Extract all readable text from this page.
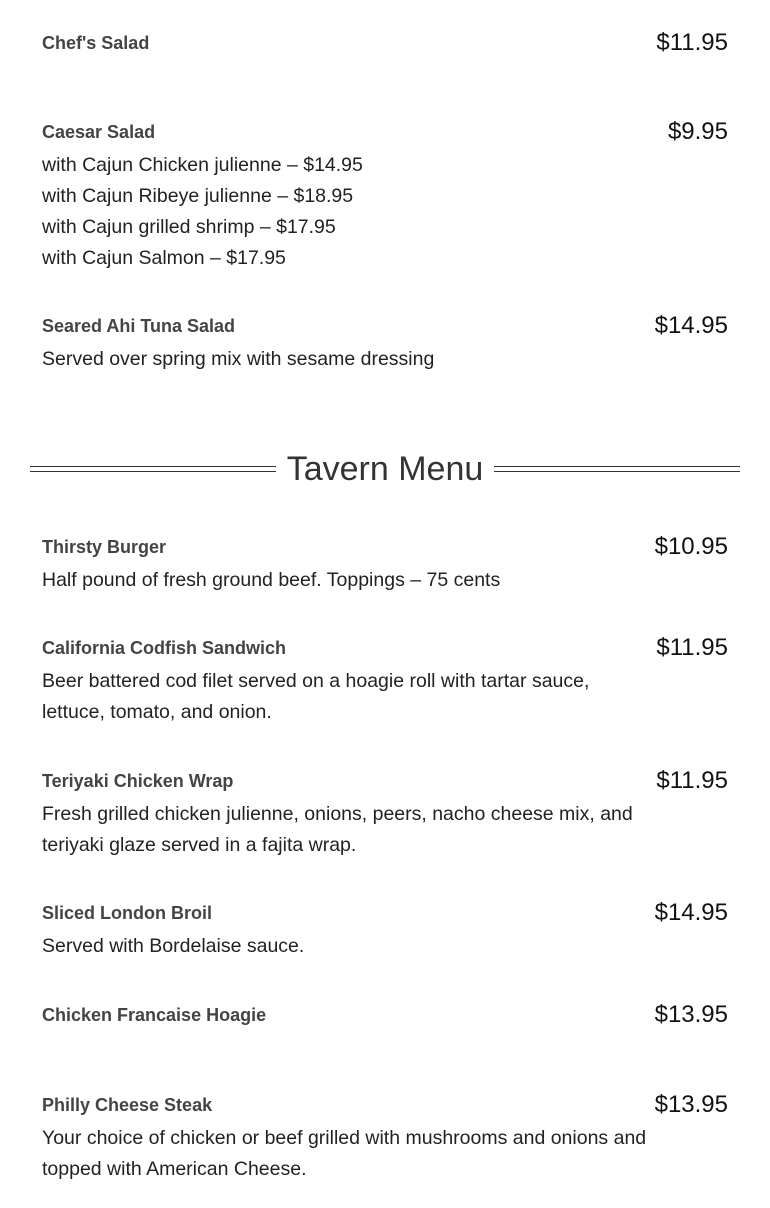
Chef's Salad	$11.95
Caesar Salad	$9.95
with Cajun Chicken julienne – $14.95
with Cajun Ribeye julienne – $18.95
with Cajun grilled shrimp – $17.95
with Cajun Salmon – $17.95
Seared Ahi Tuna Salad	$14.95
Served over spring mix with sesame dressing
Tavern Menu
Thirsty Burger	$10.95
Half pound of fresh ground beef. Toppings – 75 cents
California Codfish Sandwich	$11.95
Beer battered cod filet served on a hoagie roll with tartar sauce, lettuce, tomato, and onion.
Teriyaki Chicken Wrap	$11.95
Fresh grilled chicken julienne, onions, peers, nacho cheese mix, and teriyaki glaze served in a fajita wrap.
Sliced London Broil	$14.95
Served with Bordelaise sauce.
Chicken Francaise Hoagie	$13.95
Philly Cheese Steak	$13.95
Your choice of chicken or beef grilled with mushrooms and onions and topped with American Cheese.
